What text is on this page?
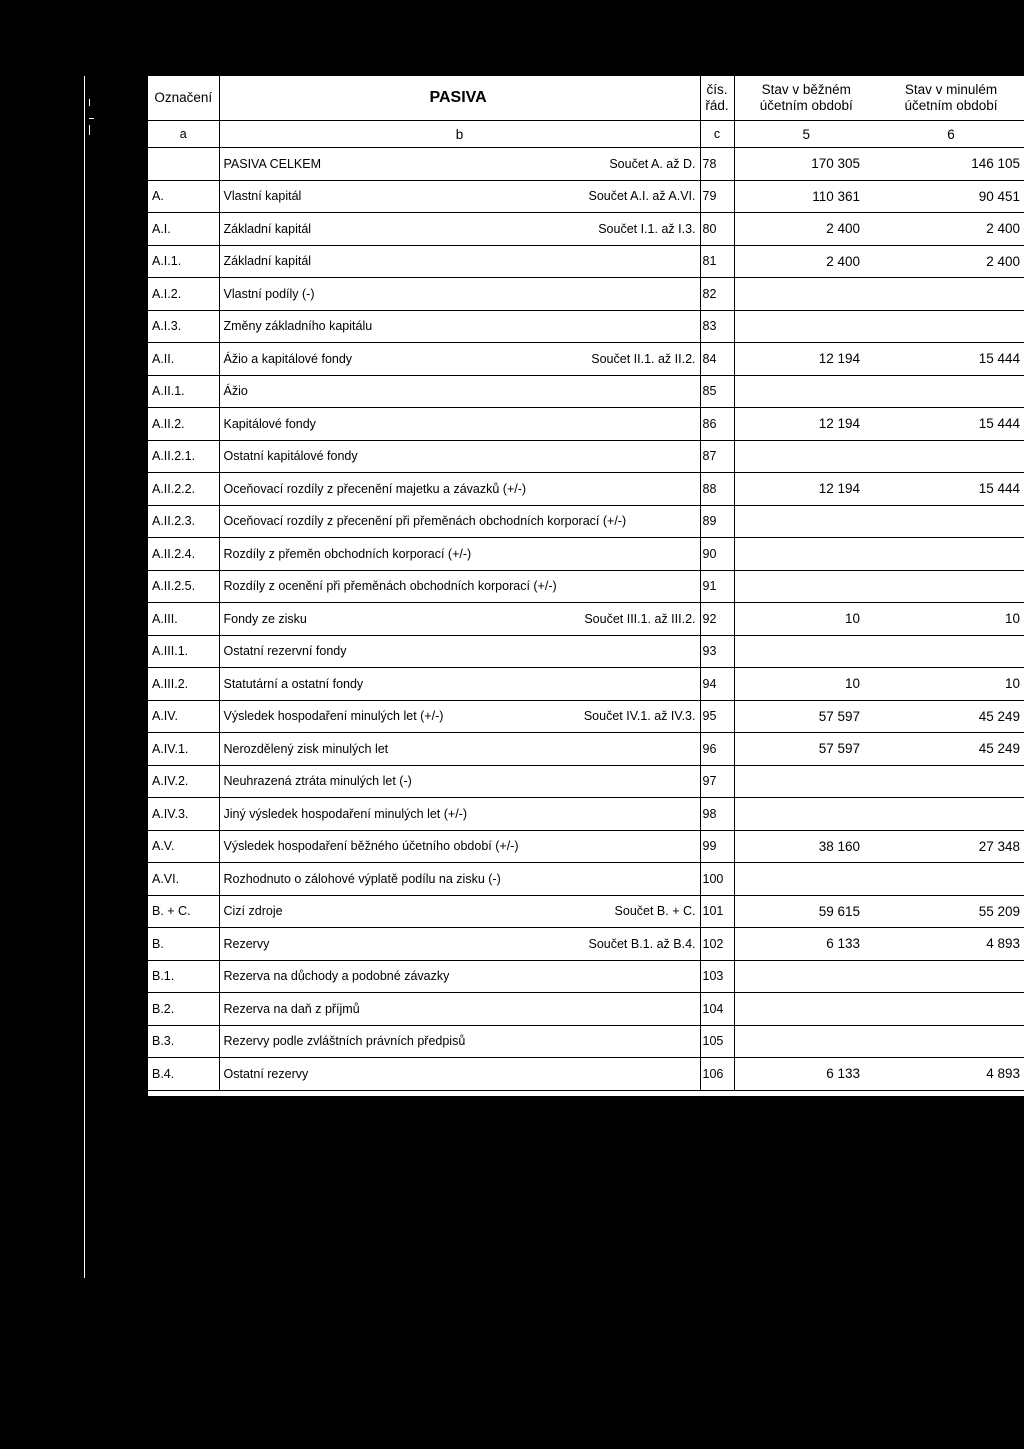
Označení	PASIVA	čís. řád.	Stav v běžném účetním období	Stav v minulém účetním období
a	b	c	5	6

	PASIVA CELKEM Součet A. až D.	78	170 305	146 105
A.	Vlastní kapitál Součet A.I. až A.VI.	79	110 361	90 451
A.I.	Základní kapitál Součet I.1. až I.3.	80	2 400	2 400
A.I.1.	Základní kapitál	81	2 400	2 400
A.I.2.	Vlastní podíly (-)	82		
A.I.3.	Změny základního kapitálu	83		
A.II.	Ážio a kapitálové fondy Součet II.1. až II.2.	84	12 194	15 444
A.II.1.	Ážio	85		
A.II.2.	Kapitálové fondy	86	12 194	15 444
A.II.2.1.	Ostatní kapitálové fondy	87		
A.II.2.2.	Oceňovací rozdíly z přecenění majetku a závazků (+/-)	88	12 194	15 444
A.II.2.3.	Oceňovací rozdíly z přecenění při přeměnách obchodních korporací (+/-)	89		
A.II.2.4.	Rozdíly z přeměn obchodních korporací (+/-)	90		
A.II.2.5.	Rozdíly z ocenění při přeměnách obchodních korporací (+/-)	91		
A.III.	Fondy ze zisku Součet III.1. až III.2.	92	10	10
A.III.1.	Ostatní rezervní fondy	93		
A.III.2.	Statutární a ostatní fondy	94	10	10
A.IV.	Výsledek hospodaření minulých let (+/-) Součet IV.1. až IV.3.	95	57 597	45 249
A.IV.1.	Nerozdělený zisk minulých let	96	57 597	45 249
A.IV.2.	Neuhrazená ztráta minulých let (-)	97		
A.IV.3.	Jiný výsledek hospodaření minulých let (+/-)	98		
A.V.	Výsledek hospodaření běžného účetního období (+/-)	99	38 160	27 348
A.VI.	Rozhodnuto o zálohové výplatě podílu na zisku (-)	100		
B. + C.	Cizí zdroje Součet B. + C.	101	59 615	55 209
B.	Rezervy Součet B.1. až B.4.	102	6 133	4 893
B.1.	Rezerva na důchody a podobné závazky	103		
B.2.	Rezerva na daň z příjmů	104		
B.3.	Rezervy podle zvláštních právních předpisů	105		
B.4.	Ostatní rezervy	106	6 133	4 893
